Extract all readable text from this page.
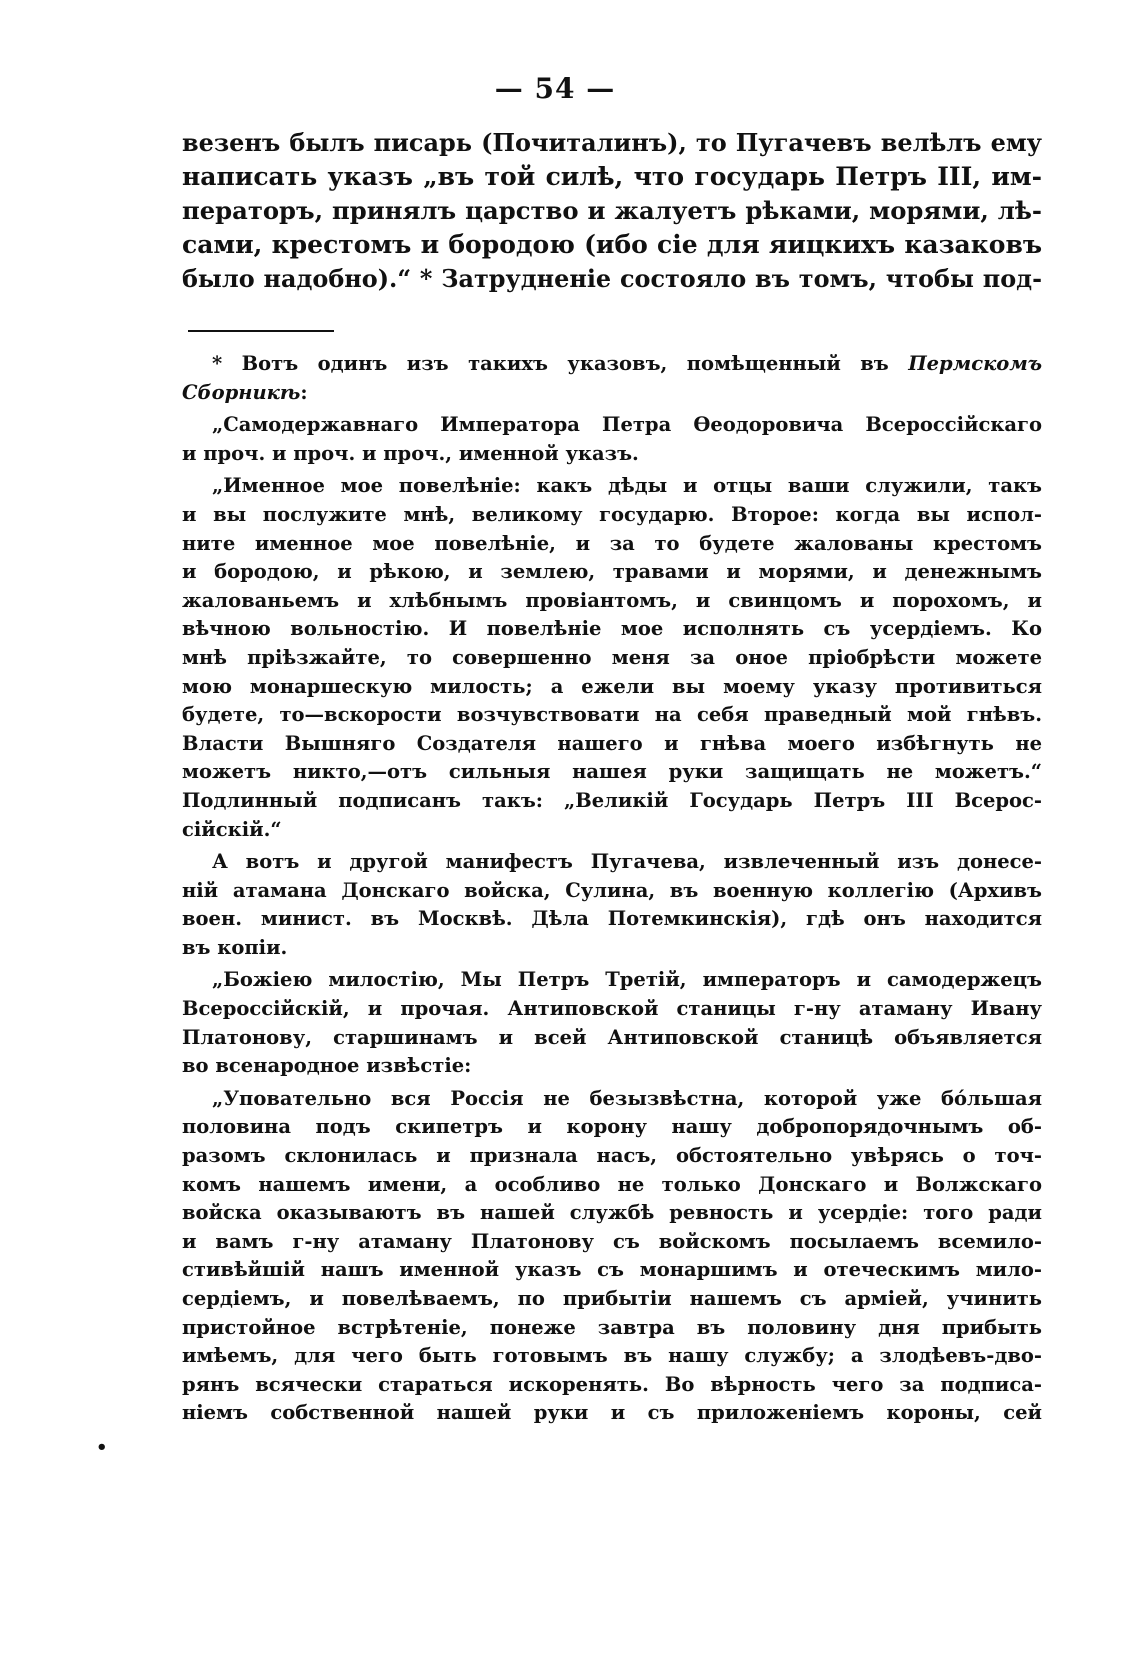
— 54 —
везенъ былъ писарь (Почиталинъ), то Пугачевъ велѣлъ ему
написать указъ „въ той силѣ, что государь Петръ III, им-
ператоръ, принялъ царство и жалуетъ рѣками, морями, лѣ-
сами, крестомъ и бородою (ибо сіе для яицкихъ казаковъ
было надобно).“ * Затрудненіе состояло въ томъ, чтобы под-
* Вотъ одинъ изъ такихъ указовъ, помѣщенный въ Пермскомъ
Сборникѣ:
„Самодержавнаго Императора Петра Ѳеодоровича Всероссійскаго
и проч. и проч. и проч., именной указъ.
„Именное мое повелѣніе: какъ дѣды и отцы ваши служили, такъ
и вы послужите мнѣ, великому государю. Второе: когда вы испол-
ните именное мое повелѣніе, и за то будете жалованы крестомъ
и бородою, и рѣкою, и землею, травами и морями, и денежнымъ
жалованьемъ и хлѣбнымъ провіантомъ, и свинцомъ и порохомъ, и
вѣчною вольностію. И повелѣніе мое исполнять съ усердіемъ. Ко
мнѣ пріѣзжайте, то совершенно меня за оное пріобрѣсти можете
мою монаршескую милость; а ежели вы моему указу противиться
будете, то—вскорости возчувствовати на себя праведный мой гнѣвъ.
Власти Вышняго Создателя нашего и гнѣва моего избѣгнуть не
можетъ никто,—отъ сильныя нашея руки защищать не можетъ.“
Подлинный подписанъ такъ: „Великій Государь Петръ III Всерос-
сійскій.“
А вотъ и другой манифестъ Пугачева, извлеченный изъ донесе-
ній атамана Донскаго войска, Сулина, въ военную коллегію (Архивъ
воен. минист. въ Москвѣ. Дѣла Потемкинскія), гдѣ онъ находится
въ копіи.
„Божіею милостію, Мы Петръ Третій, императоръ и самодержецъ
Всероссійскій, и прочая. Антиповской станицы г-ну атаману Ивану
Платонову, старшинамъ и всей Антиповской станицѣ объявляется
во всенародное извѣстіе:
„Уповательно вся Россія не безызвѣстна, которой уже бо́льшая
половина подъ скипетръ и корону нашу добропорядочнымъ об-
разомъ склонилась и признала насъ, обстоятельно увѣрясь о точ-
комъ нашемъ имени, а особливо не только Донскаго и Волжскаго
войска оказываютъ въ нашей службѣ ревность и усердіе: того ради
и вамъ г-ну атаману Платонову съ войскомъ посылаемъ всемило-
стивѣйшій нашъ именной указъ съ монаршимъ и отеческимъ мило-
сердіемъ, и повелѣваемъ, по прибытіи нашемъ съ арміей, учинить
пристойное встрѣтеніе, понеже завтра въ половину дня прибыть
имѣемъ, для чего быть готовымъ въ нашу службу; а злодѣевъ-дво-
рянъ всячески стараться искоренять. Во вѣрность чего за подписа-
ніемъ собственной нашей руки и съ приложеніемъ короны, сей
•
